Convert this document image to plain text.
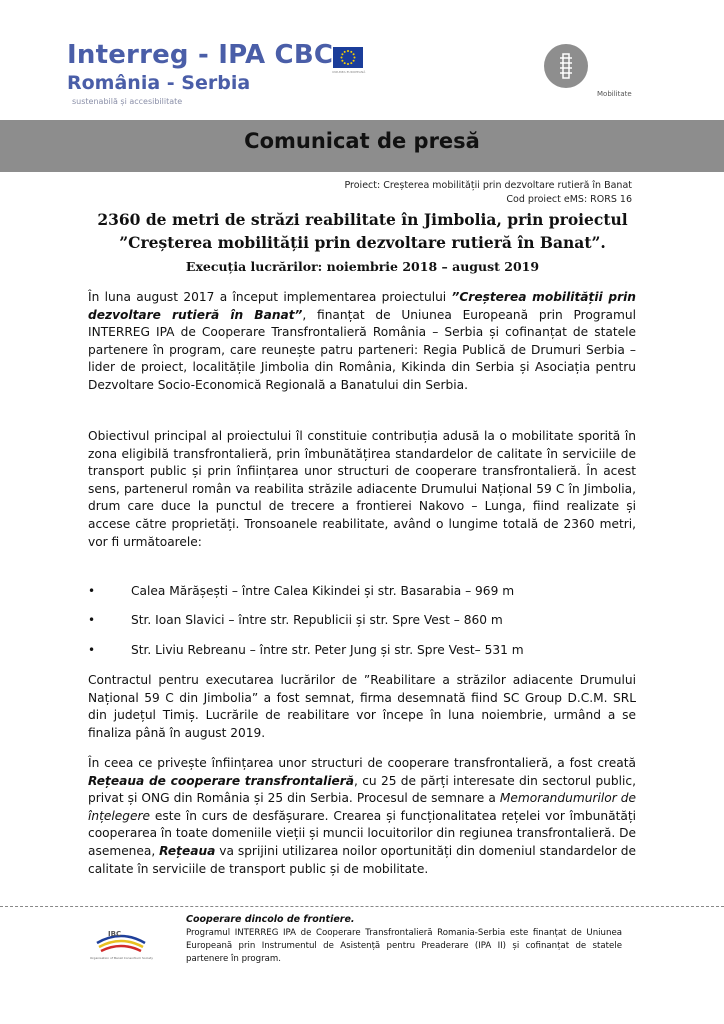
Interreg - IPA CBC
România - Serbia
sustenabilă și accesibilitate
UNIUNEA EUROPEANĂ
Mobilitate
Comunicat de presă
Proiect: Creșterea mobilității prin dezvoltare rutieră în Banat
Cod proiect eMS: RORS 16
2360 de metri de străzi reabilitate în Jimbolia, prin proiectul ”Creșterea mobilității prin dezvoltare rutieră în Banat”. Execuția lucrărilor: noiembrie 2018 – august 2019
În luna august 2017 a început implementarea proiectului ”Creșterea mobilității prin dezvoltare rutieră în Banat”, finanțat de Uniunea Europeană prin Programul INTERREG IPA de Cooperare Transfrontalieră România – Serbia și cofinanțat de statele partenere în program, care reunește patru parteneri: Regia Publică de Drumuri Serbia – lider de proiect, localitățile Jimbolia din România, Kikinda din Serbia și Asociația pentru Dezvoltare Socio-Economică Regională a Banatului din Serbia.
Obiectivul principal al proiectului îl constituie contribuția adusă la o mobilitate sporită în zona eligibilă transfrontalieră, prin îmbunătățirea standardelor de calitate în serviciile de transport public și prin înființarea unor structuri de cooperare transfrontalieră. În acest sens, partenerul român va reabilita străzile adiacente Drumului Național 59 C în Jimbolia, drum care duce la punctul de trecere a frontierei Nakovo – Lunga, fiind realizate și accese către proprietăți. Tronsoanele reabilitate, având o lungime totală de 2360 metri, vor fi următoarele:
•	Calea Mărășești – între Calea Kikindei și str. Basarabia – 969 m
•	Str. Ioan Slavici – între str. Republicii și str. Spre Vest – 860 m
•	Str. Liviu Rebreanu – între str. Peter Jung și str. Spre Vest– 531 m
Contractul pentru executarea lucrărilor de ”Reabilitare a străzilor adiacente Drumului Național 59 C din Jimbolia” a fost semnat, firma desemnată fiind SC Group D.C.M. SRL din județul Timiș. Lucrările de reabilitare vor începe în luna noiembrie, urmând a se finaliza până în august 2019.
În ceea ce privește înființarea unor structuri de cooperare transfrontalieră, a fost creată Rețeaua de cooperare transfrontalieră, cu 25 de părți interesate din sectorul public, privat și ONG din România și 25 din Serbia. Procesul de semnare a Memorandumurilor de înțelegere este în curs de desfășurare. Crearea și funcționalitatea rețelei vor îmbunătăți cooperarea în toate domeniile vieții și muncii locuitorilor din regiunea transfrontalieră. De asemenea, Rețeaua va sprijini utilizarea noilor oportunități din domeniul standardelor de calitate în serviciile de transport public și de mobilitate.
IBC
Organisation of Banat Consortium Society
Cooperare dincolo de frontiere.
Programul INTERREG IPA de Cooperare Transfrontalieră Romania-Serbia este finanțat de Uniunea Europeană prin Instrumentul de Asistență pentru Preaderare (IPA II) și cofinanțat de statele partenere în program.
